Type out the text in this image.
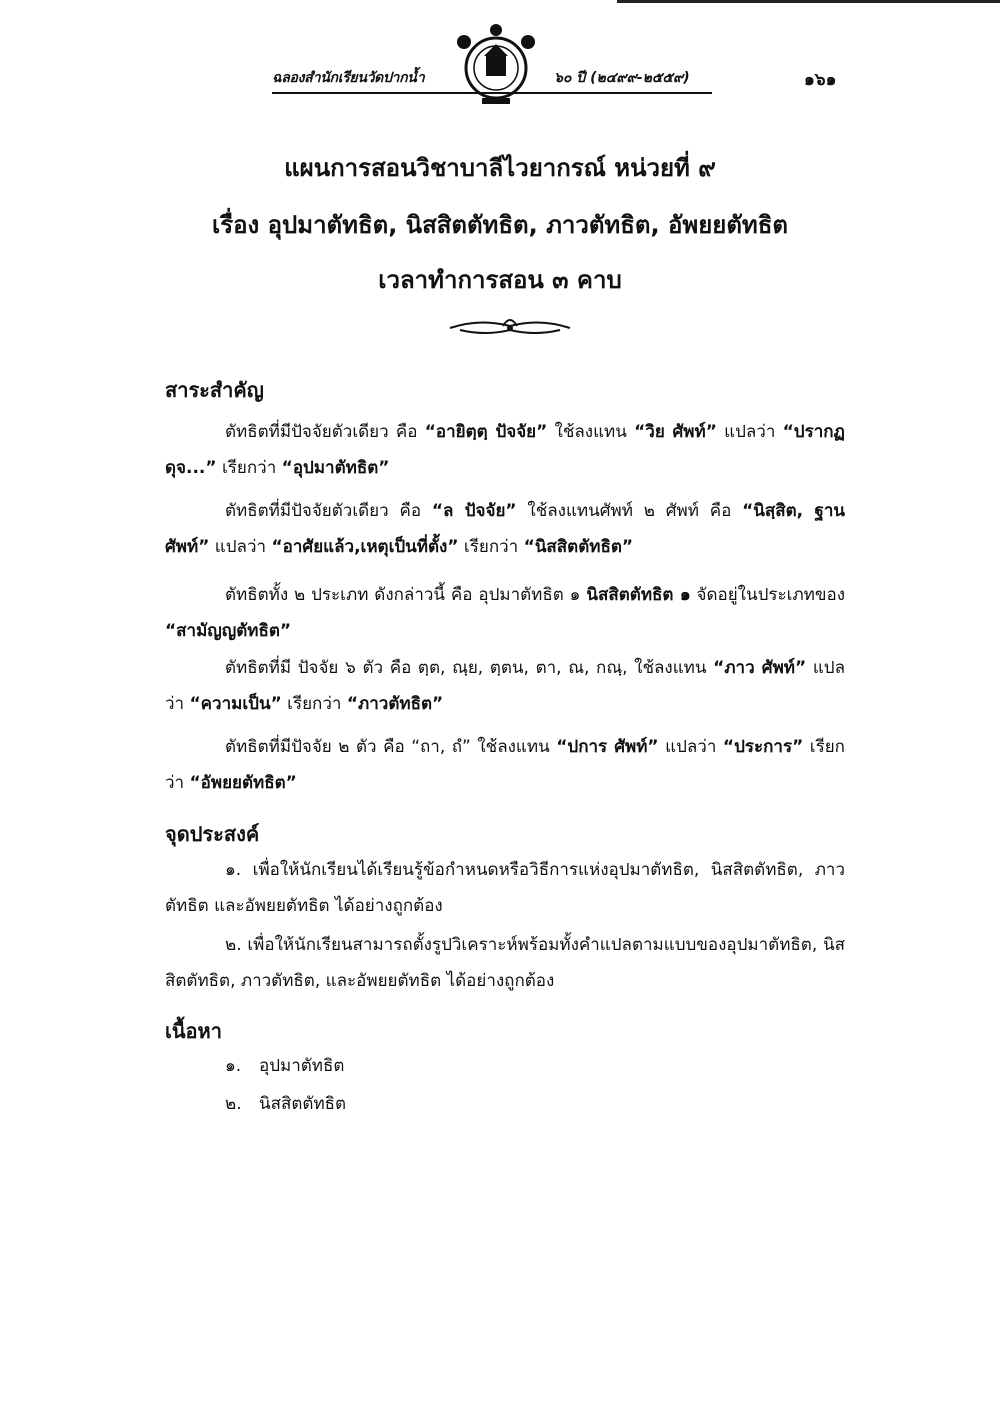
ฉลองสำนักเรียนวัดปากน้ำ	๖๐ ปี (๒๔๙๙-๒๕๕๙)	๑๖๑
แผนการสอนวิชาบาลีไวยากรณ์ หน่วยที่ ๙
เรื่อง อุปมาตัทธิต, นิสสิตตัทธิต, ภาวตัทธิต, อัพยยตัทธิต
เวลาทำการสอน ๓ คาบ
สาระสำคัญ
ตัทธิตที่มีปัจจัยตัวเดียว คือ “อายิตฺตฺ ปัจจัย” ใช้ลงแทน “วิย ศัพท์” แปลว่า “ปรากฏดุจ...” เรียกว่า “อุปมาตัทธิต”
ตัทธิตที่มีปัจจัยตัวเดียว คือ “ล ปัจจัย” ใช้ลงแทนศัพท์ ๒ ศัพท์ คือ “นิสฺสิต, ฐาน ศัพท์” แปลว่า “อาศัยแล้ว,เหตุเป็นที่ตั้ง” เรียกว่า “นิสสิตตัทธิต”
ตัทธิตทั้ง ๒ ประเภท ดังกล่าวนี้ คือ อุปมาตัทธิต ๑ นิสสิตตัทธิต ๑ จัดอยู่ในประเภทของ “สามัญญตัทธิต”
ตัทธิตที่มี ปัจจัย ๖ ตัว คือ ตฺต, ณฺย, ตฺตน, ตา, ณ, กณฺ, ใช้ลงแทน “ภาว ศัพท์” แปลว่า “ความเป็น” เรียกว่า “ภาวตัทธิต”
ตัทธิตที่มีปัจจัย ๒ ตัว คือ “ถา, ถํ” ใช้ลงแทน “ปการ ศัพท์” แปลว่า “ประการ” เรียกว่า “อัพยยตัทธิต”
จุดประสงค์
๑. เพื่อให้นักเรียนได้เรียนรู้ข้อกำหนดหรือวิธีการแห่งอุปมาตัทธิต, นิสสิตตัทธิต, ภาวตัทธิต และอัพยยตัทธิต ได้อย่างถูกต้อง
๒. เพื่อให้นักเรียนสามารถตั้งรูปวิเคราะห์พร้อมทั้งคำแปลตามแบบของอุปมาตัทธิต, นิสสิตตัทธิต, ภาวตัทธิต, และอัพยยตัทธิต ได้อย่างถูกต้อง
เนื้อหา
๑. อุปมาตัทธิต
๒. นิสสิตตัทธิต
